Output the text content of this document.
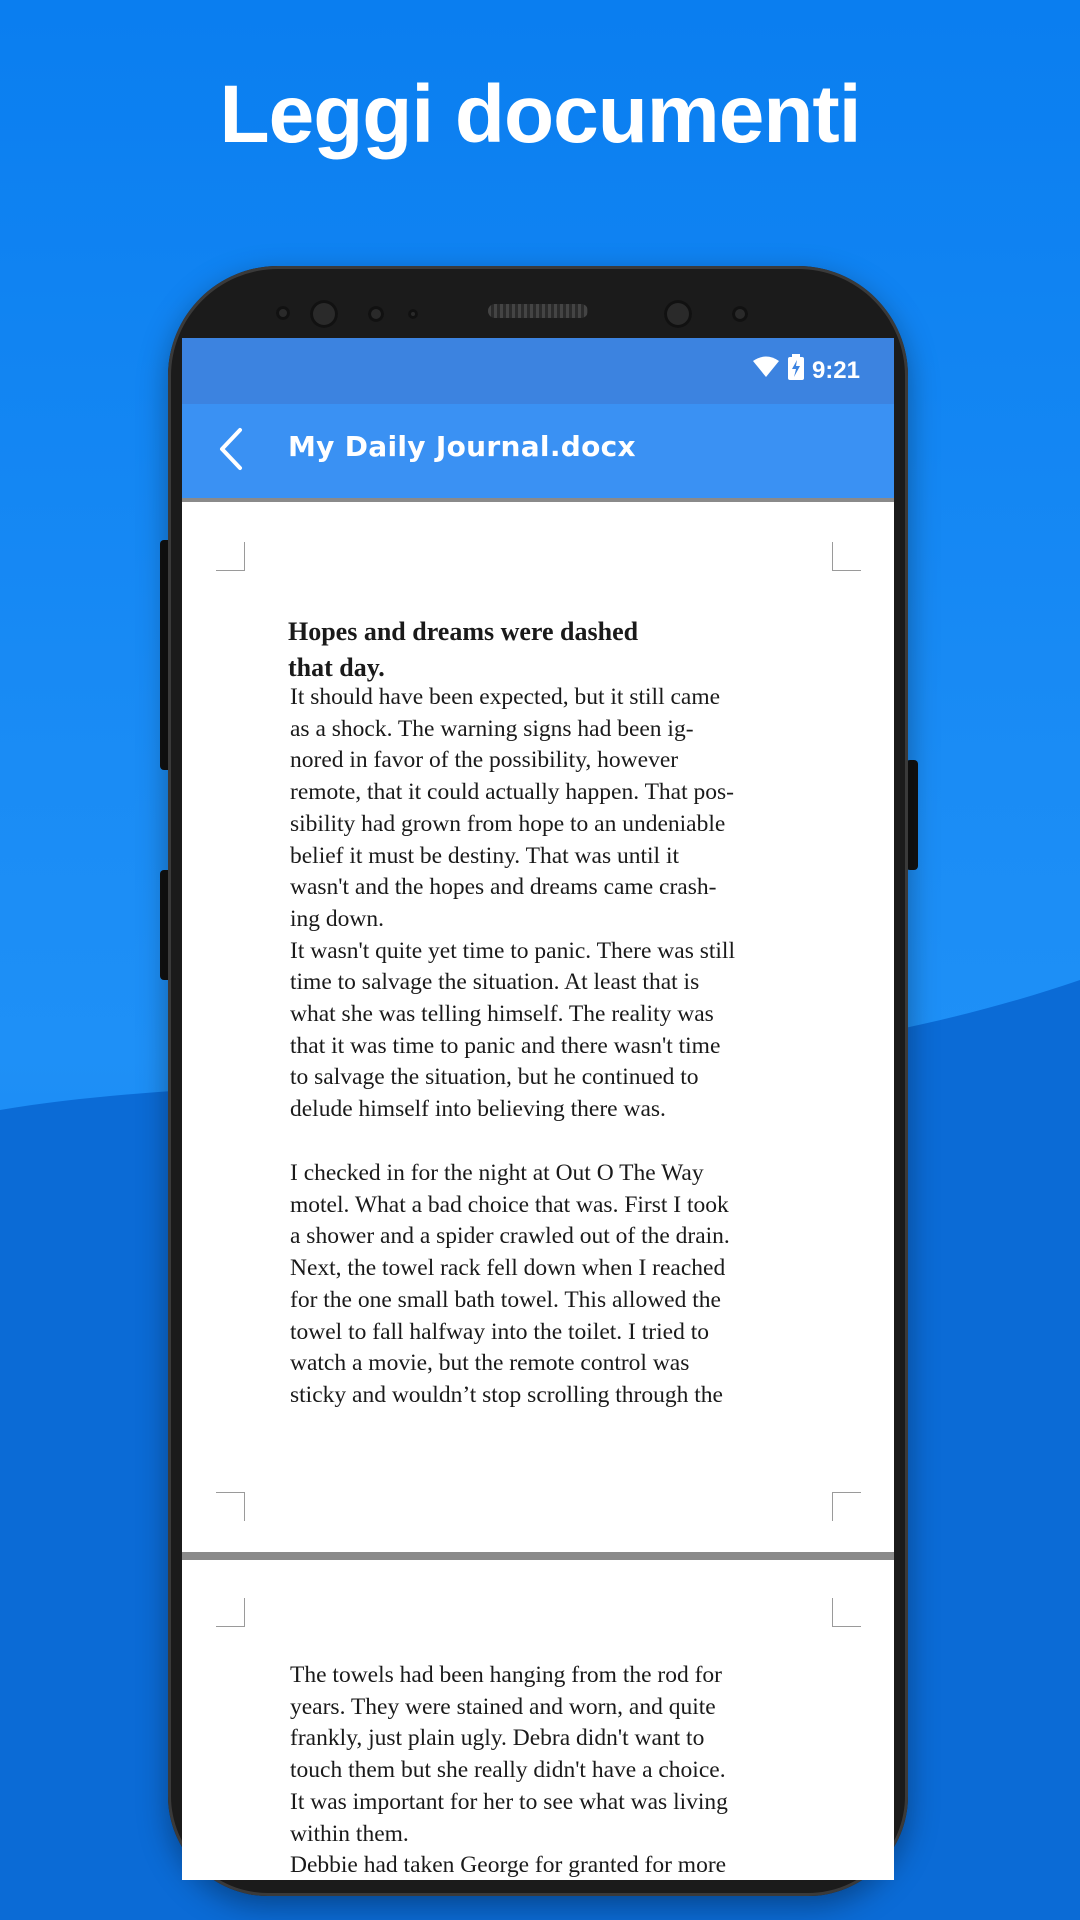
Leggi documenti
9:21
My Daily Journal.docx

Hopes and dreams were dashed
that day.

It should have been expected, but it still came
as a shock. The warning signs had been ig-
nored in favor of the possibility, however
remote, that it could actually happen. That pos-
sibility had grown from hope to an undeniable
belief it must be destiny. That was until it
wasn't and the hopes and dreams came crash-
ing down.
It wasn't quite yet time to panic. There was still
time to salvage the situation. At least that is
what she was telling himself. The reality was
that it was time to panic and there wasn't time
to salvage the situation, but he continued to
delude himself into believing there was.

I checked in for the night at Out O The Way
motel. What a bad choice that was. First I took
a shower and a spider crawled out of the drain.
Next, the towel rack fell down when I reached
for the one small bath towel. This allowed the
towel to fall halfway into the toilet. I tried to
watch a movie, but the remote control was
sticky and wouldn’t stop scrolling through the

The towels had been hanging from the rod for
years. They were stained and worn, and quite
frankly, just plain ugly. Debra didn't want to
touch them but she really didn't have a choice.
It was important for her to see what was living
within them.
Debbie had taken George for granted for more
